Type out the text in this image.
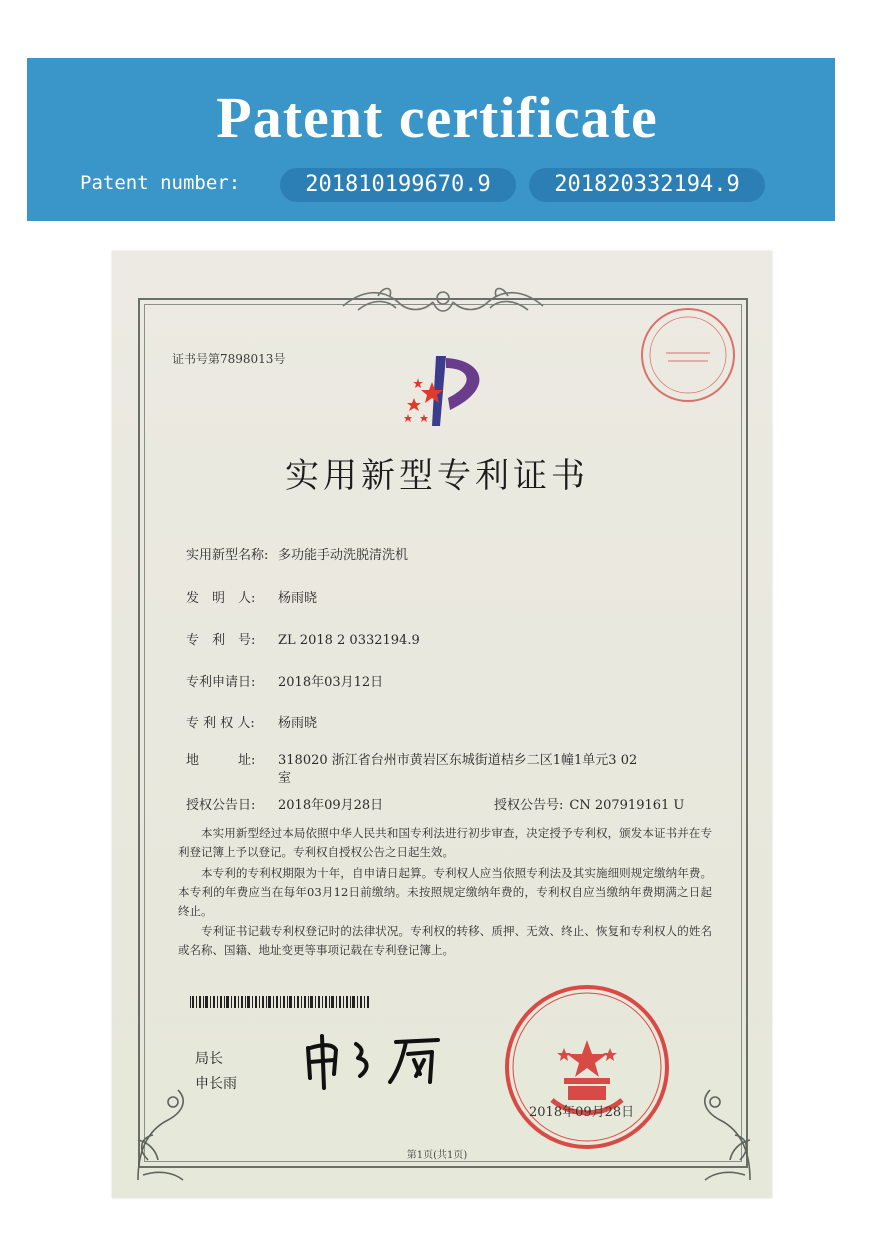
Patent certificate
Patent number:	201810199670.9	201820332194.9
证书号第7898013号
实用新型专利证书
实用新型名称: 多功能手动洗脱清洗机
发　明　人: 杨雨晓
专　利　号: ZL 2018 2 0332194.9
专利申请日: 2018年03月12日
专 利 权 人: 杨雨晓
地　　　址: 318020 浙江省台州市黄岩区东城街道桔乡二区1幢1单元3 02室
授权公告日: 2018年09月28日	授权公告号: CN 207919161 U
本实用新型经过本局依照中华人民共和国专利法进行初步审查，决定授予专利权，颁发本证书并在专利登记簿上予以登记。专利权自授权公告之日起生效。
本专利的专利权期限为十年，自申请日起算。专利权人应当依照专利法及其实施细则规定缴纳年费。本专利的年费应当在每年03月12日前缴纳。未按照规定缴纳年费的，专利权自应当缴纳年费期满之日起终止。
专利证书记载专利权登记时的法律状况。专利权的转移、质押、无效、终止、恢复和专利权人的姓名或名称、国籍、地址变更等事项记载在专利登记簿上。
局长
申长雨
2018年09月28日
第1页(共1页)
